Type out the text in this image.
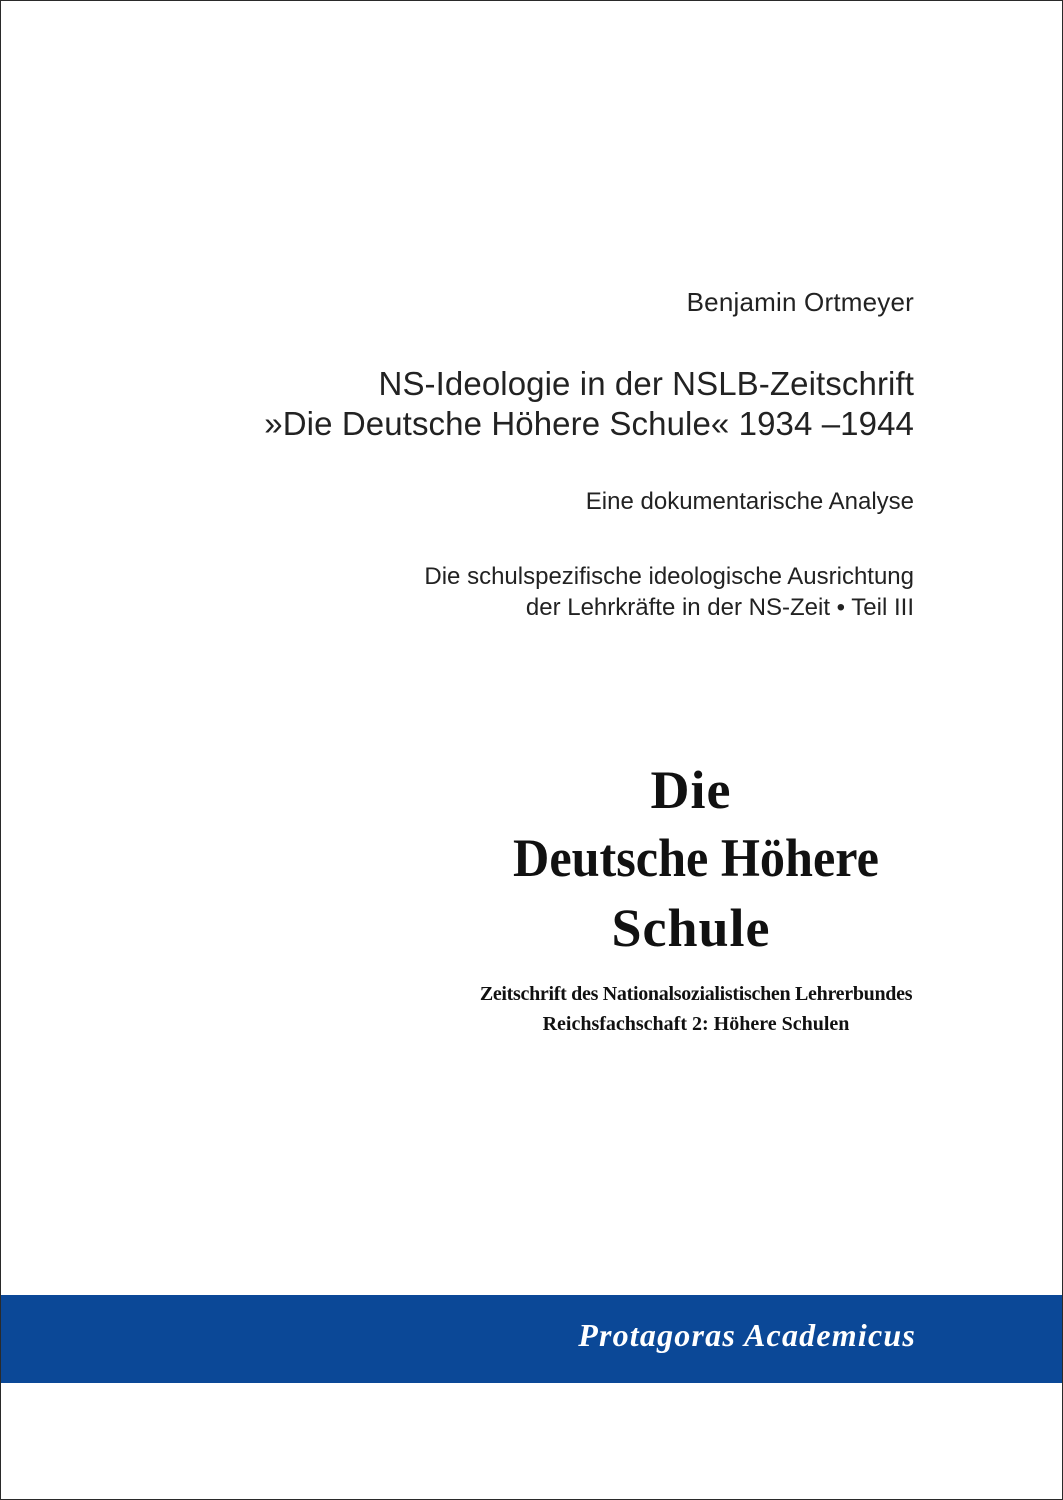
Benjamin Ortmeyer
NS-Ideologie in der NSLB-Zeitschrift
»Die Deutsche Höhere Schule« 1934 –1944
Eine dokumentarische Analyse
Die schulspezifische ideologische Ausrichtung
der Lehrkräfte in der NS-Zeit • Teil III
Die
Deutsche Höhere
Schule
Zeitschrift des Nationalsozialistischen Lehrerbundes
Reichsfachschaft 2: Höhere Schulen
Protagoras Academicus
